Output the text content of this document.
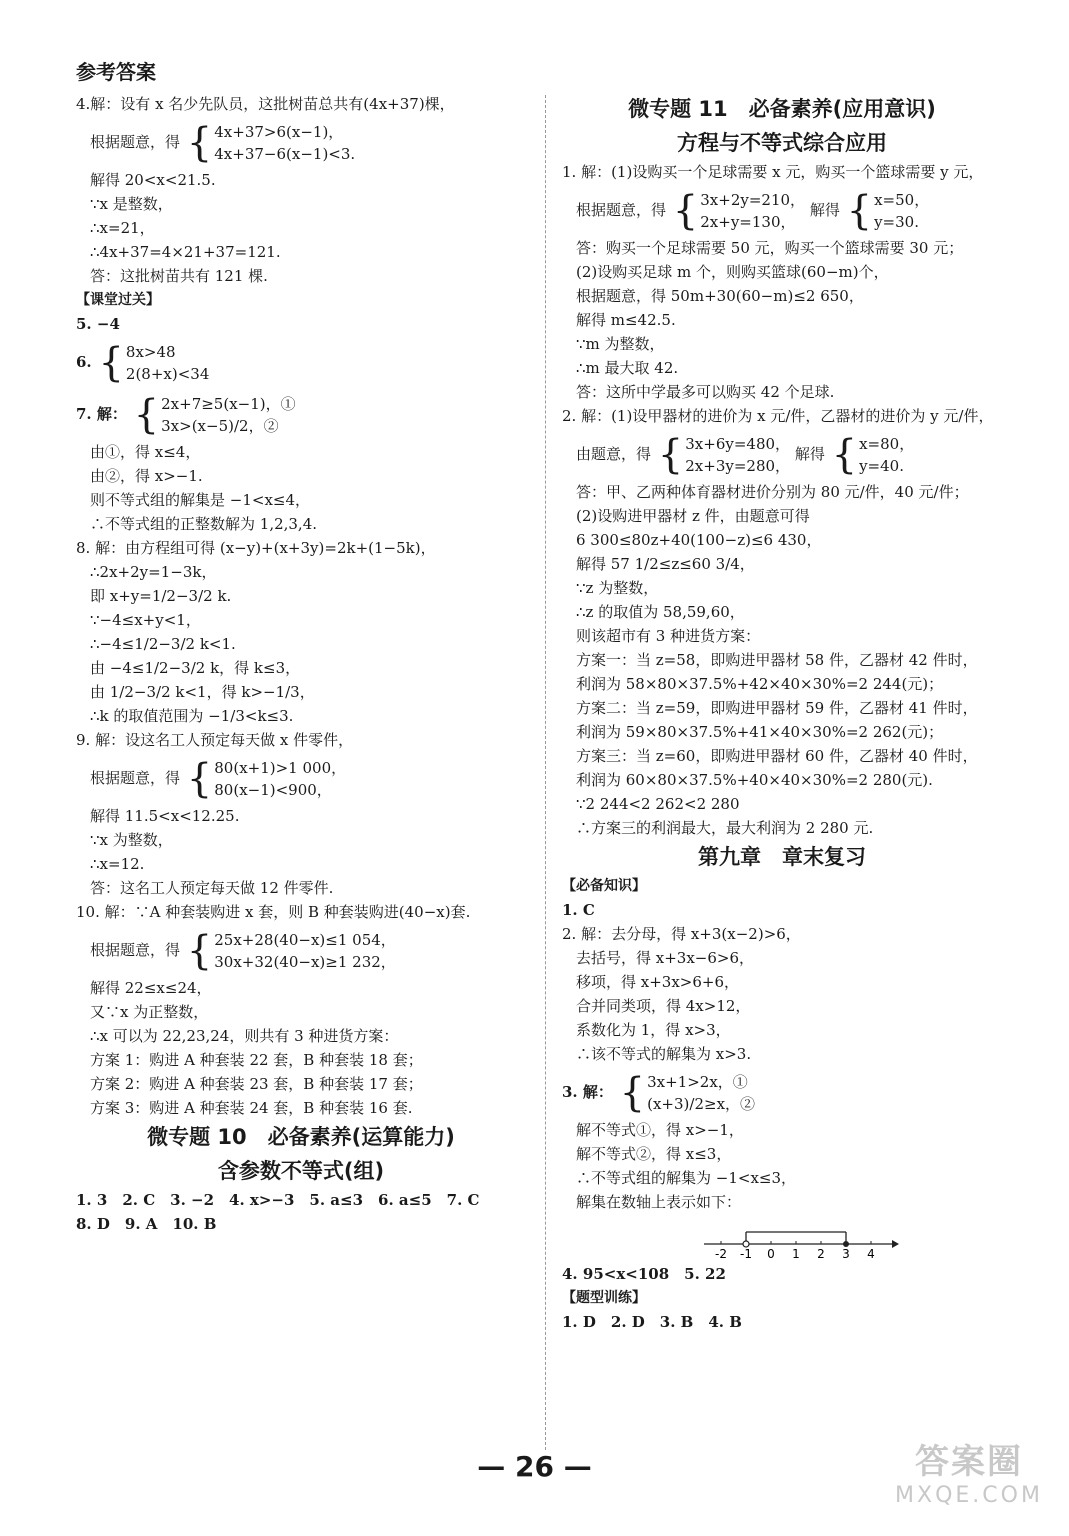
参考答案
4.解：设有 x 名少先队员，这批树苗总共有(4x+37)棵，
根据题意，得 { 4x+37>6(x−1)，
4x+37−6(x−1)<3.
解得 20<x<21.5.
∵x 是整数，
∴x=21，
∴4x+37=4×21+37=121.
答：这批树苗共有 121 棵.
【课堂过关】
5. −4
6. { 8x>48
2(8+x)<34
7. 解： { 2x+7≥5(x−1)，①
3x>(x−5)/2，②
由①，得 x≤4，
由②，得 x>−1.
则不等式组的解集是 −1<x≤4，
∴不等式组的正整数解为 1,2,3,4.
8. 解：由方程组可得 (x−y)+(x+3y)=2k+(1−5k)，
∴2x+2y=1−3k，
即 x+y=1/2−3/2 k.
∵−4≤x+y<1，
∴−4≤1/2−3/2 k<1.
由 −4≤1/2−3/2 k，得 k≤3，
由 1/2−3/2 k<1，得 k>−1/3，
∴k 的取值范围为 −1/3<k≤3.
9. 解：设这名工人预定每天做 x 件零件，
根据题意，得 { 80(x+1)>1 000，
80(x−1)<900，
解得 11.5<x<12.25.
∵x 为整数，
∴x=12.
答：这名工人预定每天做 12 件零件.
10. 解：∵A 种套装购进 x 套，则 B 种套装购进(40−x)套.
根据题意，得 { 25x+28(40−x)≤1 054，
30x+32(40−x)≥1 232，
解得 22≤x≤24，
又∵x 为正整数，
∴x 可以为 22,23,24，则共有 3 种进货方案：
方案 1：购进 A 种套装 22 套，B 种套装 18 套；
方案 2：购进 A 种套装 23 套，B 种套装 17 套；
方案 3：购进 A 种套装 24 套，B 种套装 16 套.
微专题 10　必备素养(运算能力)
含参数不等式(组)
1. 3　2. C　3. −2　4. x>−3　5. a≤3　6. a≤5　7. C
8. D　9. A　10. B
微专题 11　必备素养(应用意识)
方程与不等式综合应用
1. 解：(1)设购买一个足球需要 x 元，购买一个篮球需要 y 元，
根据题意，得 { 3x+2y=210，
2x+y=130，
解得 { x=50，
y=30.
答：购买一个足球需要 50 元，购买一个篮球需要 30 元；
(2)设购买足球 m 个，则购买篮球(60−m)个，
根据题意，得 50m+30(60−m)≤2 650，
解得 m≤42.5.
∵m 为整数，
∴m 最大取 42.
答：这所中学最多可以购买 42 个足球.
2. 解：(1)设甲器材的进价为 x 元/件，乙器材的进价为 y 元/件，
由题意，得 { 3x+6y=480，
2x+3y=280，
解得 { x=80，
y=40.
答：甲、乙两种体育器材进价分别为 80 元/件，40 元/件；
(2)设购进甲器材 z 件，由题意可得
6 300≤80z+40(100−z)≤6 430，
解得 57 1/2≤z≤60 3/4，
∵z 为整数，
∴z 的取值为 58,59,60，
则该超市有 3 种进货方案：
方案一：当 z=58，即购进甲器材 58 件，乙器材 42 件时，
利润为 58×80×37.5%+42×40×30%=2 244(元)；
方案二：当 z=59，即购进甲器材 59 件，乙器材 41 件时，
利润为 59×80×37.5%+41×40×30%=2 262(元)；
方案三：当 z=60，即购进甲器材 60 件，乙器材 40 件时，
利润为 60×80×37.5%+40×40×30%=2 280(元).
∵2 244<2 262<2 280
∴方案三的利润最大，最大利润为 2 280 元.
第九章　章末复习
【必备知识】
1. C
2. 解：去分母，得 x+3(x−2)>6，
去括号，得 x+3x−6>6，
移项，得 x+3x>6+6，
合并同类项，得 4x>12，
系数化为 1，得 x>3，
∴该不等式的解集为 x>3.
3. 解： { 3x+1>2x，①
(x+3)/2≥x，②
解不等式①，得 x>−1，
解不等式②，得 x≤3，
∴不等式组的解集为 −1<x≤3，
解集在数轴上表示如下：
-2 -1 0 1 2 3 4
4. 95<x<108　5. 22
【题型训练】
1. D　2. D　3. B　4. B
— 26 —	答案圈
MXQE.COM
